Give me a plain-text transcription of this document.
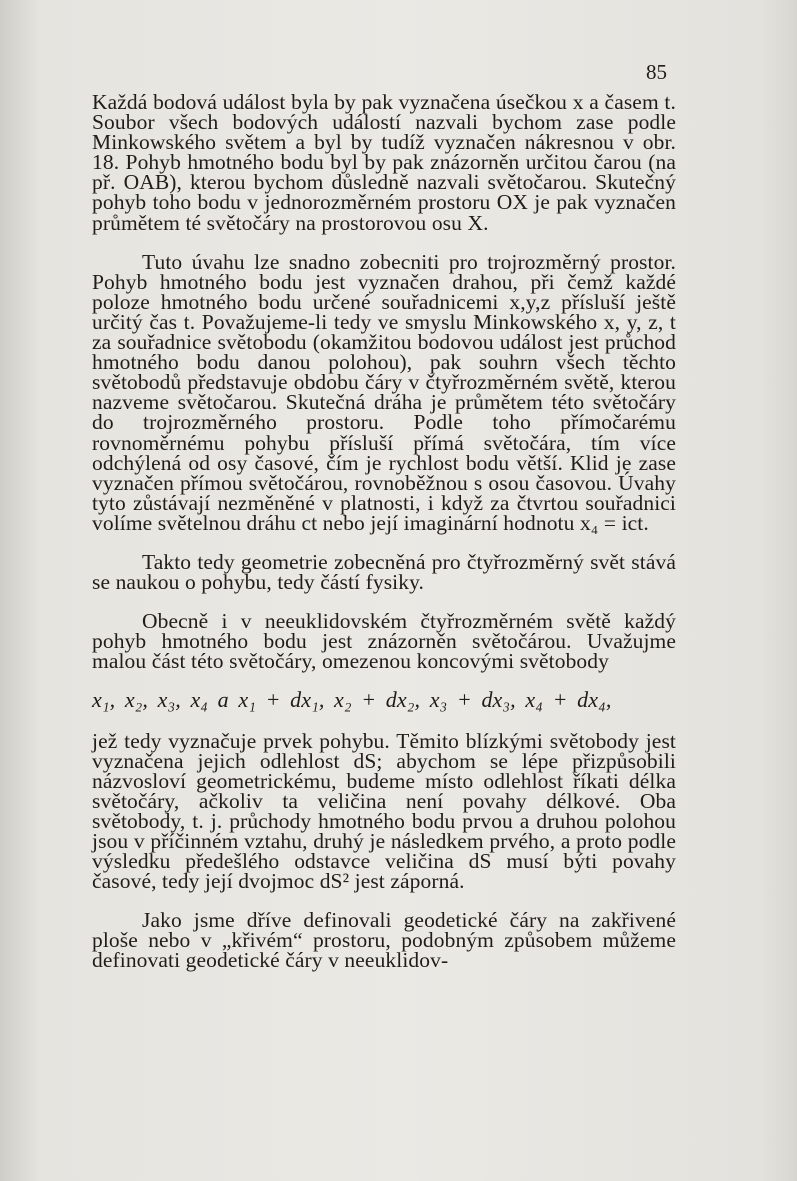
85

Každá bodová událost byla by pak vyznačena úsečkou x a časem t. Soubor všech bodových událostí nazvali bychom zase podle Minkowského světem a byl by tudíž vyznačen nákresnou v obr. 18. Pohyb hmotného bodu byl by pak znázorněn určitou čarou (na př. OAB), kterou bychom důsledně nazvali světočarou. Skutečný pohyb toho bodu v jednorozměrném prostoru OX je pak vyznačen průmětem té světočáry na prostorovou osu X.

Tuto úvahu lze snadno zobecniti pro trojrozměrný prostor. Pohyb hmotného bodu jest vyznačen drahou, při čemž každé poloze hmotného bodu určené souřadnicemi x,y,z přísluší ještě určitý čas t. Považujeme-li tedy ve smyslu Minkowského x, y, z, t za souřadnice světobodu (okamžitou bodovou událost jest průchod hmotného bodu danou polohou), pak souhrn všech těchto světobodů představuje obdobu čáry v čtyřrozměrném světě, kterou nazveme světočarou. Skutečná dráha je průmětem této světočáry do trojrozměrného prostoru. Podle toho přímočarému rovnoměrnému pohybu přísluší přímá světočára, tím více odchýlená od osy časové, čím je rychlost bodu větší. Klid je zase vyznačen přímou světočárou, rovnoběžnou s osou časovou. Úvahy tyto zůstávají nezměněné v platnosti, i když za čtvrtou souřadnici volíme světelnou dráhu ct nebo její imaginární hodnotu x₄ = ict.

Takto tedy geometrie zobecněná pro čtyřrozměrný svět stává se naukou o pohybu, tedy částí fysiky.

Obecně i v neeuklidovském čtyřrozměrném světě každý pohyb hmotného bodu jest znázorněn světočárou. Uvažujme malou část této světočáry, omezenou koncovými světobody

x₁, x₂, x₃, x₄ a x₁ + dx₁, x₂ + dx₂, x₃ + dx₃, x₄ + dx₄,

jež tedy vyznačuje prvek pohybu. Těmito blízkými světobody jest vyznačena jejich odlehlost dS; abychom se lépe přizpůsobili názvosloví geometrickému, budeme místo odlehlost říkati délka světočáry, ačkoliv ta veličina není povahy délkové. Oba světobody, t. j. průchody hmotného bodu prvou a druhou polohou jsou v příčinném vztahu, druhý je následkem prvého, a proto podle výsledku předešlého odstavce veličina dS musí býti povahy časové, tedy její dvojmoc dS² jest záporná.

Jako jsme dříve definovali geodetické čáry na zakřivené ploše nebo v „křivém“ prostoru, podobným způsobem můžeme definovati geodetické čáry v neeuklidov-
